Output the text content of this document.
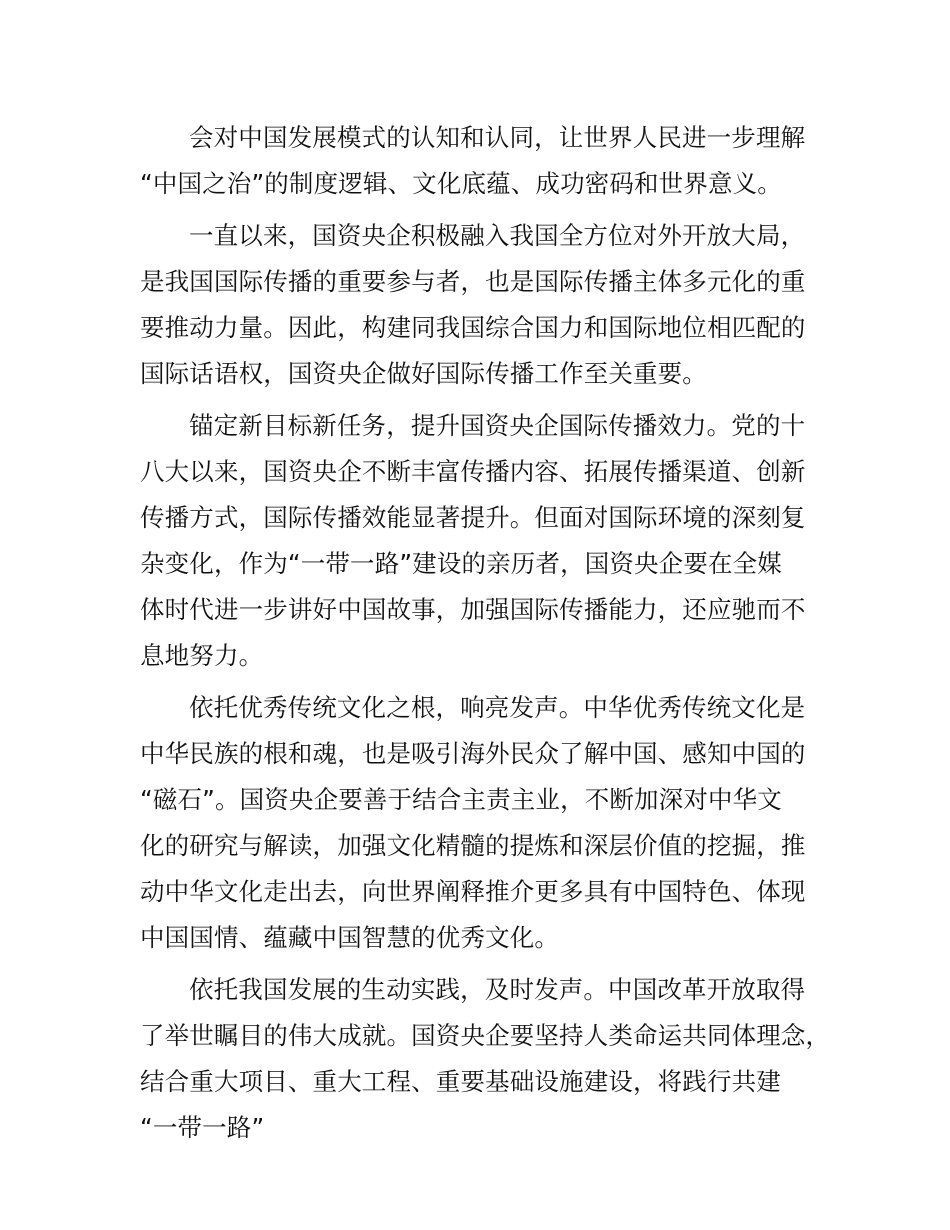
会对中国发展模式的认知和认同，让世界人民进一步理解
“中国之治”的制度逻辑、文化底蕴、成功密码和世界意义。
一直以来，国资央企积极融入我国全方位对外开放大局，
是我国国际传播的重要参与者，也是国际传播主体多元化的重
要推动力量。因此，构建同我国综合国力和国际地位相匹配的
国际话语权，国资央企做好国际传播工作至关重要。
锚定新目标新任务，提升国资央企国际传播效力。党的十
八大以来，国资央企不断丰富传播内容、拓展传播渠道、创新
传播方式，国际传播效能显著提升。但面对国际环境的深刻复
杂变化，作为“一带一路”建设的亲历者，国资央企要在全媒
体时代进一步讲好中国故事，加强国际传播能力，还应驰而不
息地努力。
依托优秀传统文化之根，响亮发声。中华优秀传统文化是
中华民族的根和魂，也是吸引海外民众了解中国、感知中国的
“磁石”。国资央企要善于结合主责主业，不断加深对中华文
化的研究与解读，加强文化精髓的提炼和深层价值的挖掘，推
动中华文化走出去，向世界阐释推介更多具有中国特色、体现
中国国情、蕴藏中国智慧的优秀文化。
依托我国发展的生动实践，及时发声。中国改革开放取得
了举世瞩目的伟大成就。国资央企要坚持人类命运共同体理念，
结合重大项目、重大工程、重要基础设施建设，将践行共建
“一带一路”
